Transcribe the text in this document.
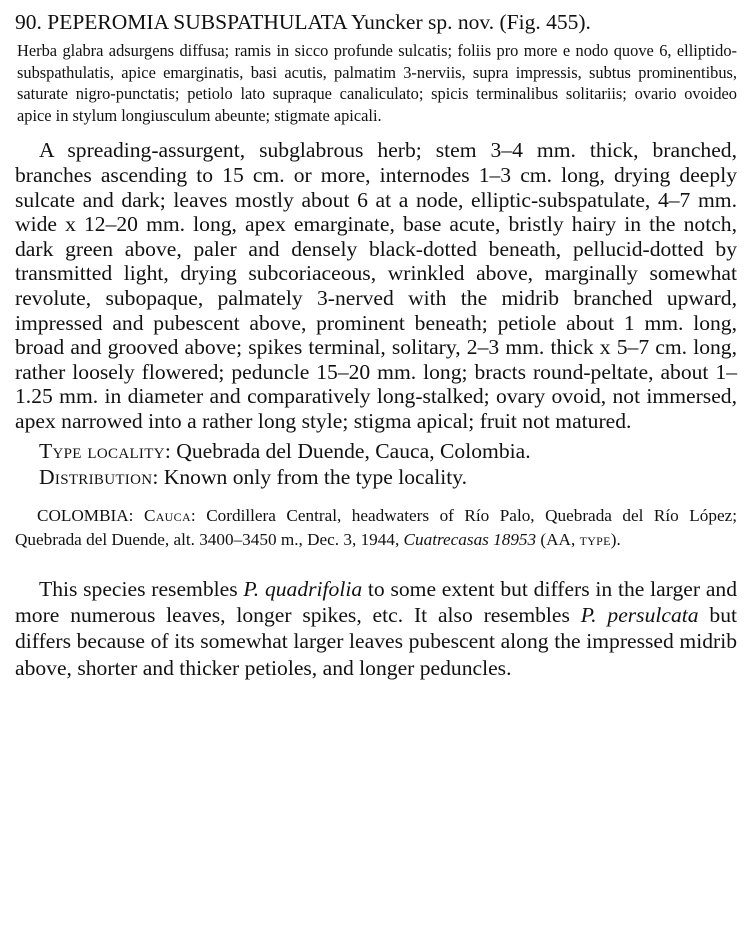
90. PEPEROMIA SUBSPATHULATA Yuncker sp. nov. (Fig. 455).

Herba glabra adsurgens diffusa; ramis in sicco profunde sulcatis; foliis pro more e nodo quove 6, elliptido-subspathulatis, apice emarginatis, basi acutis, palmatim 3-nerviis, supra impressis, subtus prominentibus, saturate nigro-punctatis; petiolo lato supraque canaliculato; spicis terminalibus solitariis; ovario ovoideo apice in stylum longiusculum abeunte; stigmate apicali.

A spreading-assurgent, subglabrous herb; stem 3–4 mm. thick, branched, branches ascending to 15 cm. or more, internodes 1–3 cm. long, drying deeply sulcate and dark; leaves mostly about 6 at a node, elliptic-subspatulate, 4–7 mm. wide x 12–20 mm. long, apex emarginate, base acute, bristly hairy in the notch, dark green above, paler and densely black-dotted beneath, pellucid-dotted by transmitted light, drying subcoriaceous, wrinkled above, marginally somewhat revolute, subopaque, palmately 3-nerved with the midrib branched upward, impressed and pubescent above, prominent beneath; petiole about 1 mm. long, broad and grooved above; spikes terminal, solitary, 2–3 mm. thick x 5–7 cm. long, rather loosely flowered; peduncle 15–20 mm. long; bracts round-peltate, about 1–1.25 mm. in diameter and comparatively long-stalked; ovary ovoid, not immersed, apex narrowed into a rather long style; stigma apical; fruit not matured.

Type locality: Quebrada del Duende, Cauca, Colombia.
Distribution: Known only from the type locality.

COLOMBIA: Cauca: Cordillera Central, headwaters of Río Palo, Quebrada del Río López; Quebrada del Duende, alt. 3400–3450 m., Dec. 3, 1944, Cuatrecasas 18953 (AA, type).

This species resembles P. quadrifolia to some extent but differs in the larger and more numerous leaves, longer spikes, etc. It also resembles P. persulcata but differs because of its somewhat larger leaves pubescent along the impressed midrib above, shorter and thicker petioles, and longer peduncles.
